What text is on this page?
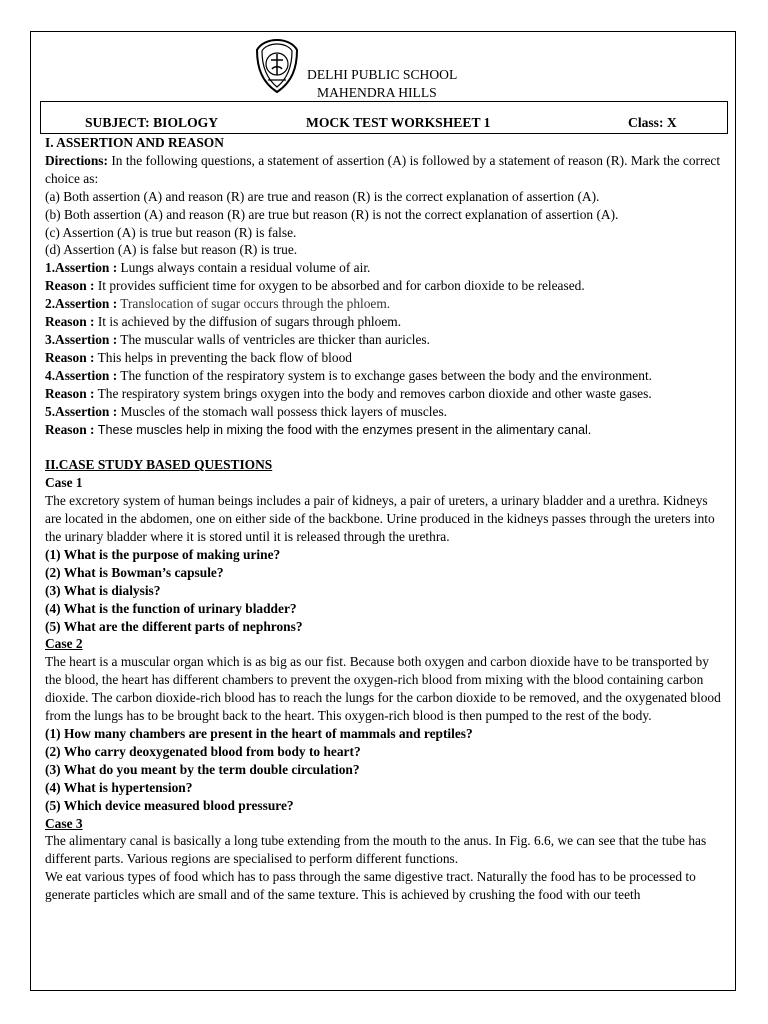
DELHI PUBLIC SCHOOL
MAHENDRA HILLS
SUBJECT: BIOLOGY	MOCK TEST WORKSHEET 1	Class: X

I. ASSERTION AND REASON

Directions: In the following questions, a statement of assertion (A) is followed by a statement of reason (R). Mark the correct choice as:

(a) Both assertion (A) and reason (R) are true and reason (R) is the correct explanation of assertion (A).

(b) Both assertion (A) and reason (R) are true but reason (R) is not the correct explanation of assertion (A).

(c) Assertion (A) is true but reason (R) is false.

(d) Assertion (A) is false but reason (R) is true.

1.Assertion : Lungs always contain a residual volume of air.

Reason : It provides sufficient time for oxygen to be absorbed and for carbon dioxide to be released.

2.Assertion : Translocation of sugar occurs through the phloem.

Reason : It is achieved by the diffusion of sugars through phloem.

3.Assertion : The muscular walls of ventricles are thicker than auricles.

Reason : This helps in preventing the back flow of blood

4.Assertion : The function of the respiratory system is to exchange gases between the body and the environment.

Reason : The respiratory system brings oxygen into the body and removes carbon dioxide and other waste gases.

5.Assertion : Muscles of the stomach wall possess thick layers of muscles.

Reason : These muscles help in mixing the food with the enzymes present in the alimentary canal.

II.CASE STUDY BASED QUESTIONS

Case 1

The excretory system of human beings includes a pair of kidneys, a pair of ureters, a urinary bladder and a urethra. Kidneys are located in the abdomen, one on either side of the backbone. Urine produced in the kidneys passes through the ureters into the urinary bladder where it is stored until it is released through the urethra.

(1) What is the purpose of making urine?

(2) What is Bowman’s capsule?

(3) What is dialysis?

(4) What is the function of urinary bladder?

(5) What are the different parts of nephrons?

Case 2

The heart is a muscular organ which is as big as our fist. Because both oxygen and carbon dioxide have to be transported by the blood, the heart has different chambers to prevent the oxygen-rich blood from mixing with the blood containing carbon dioxide. The carbon dioxide-rich blood has to reach the lungs for the carbon dioxide to be removed, and the oxygenated blood from the lungs has to be brought back to the heart. This oxygen-rich blood is then pumped to the rest of the body.

(1) How many chambers are present in the heart of mammals and reptiles?

(2) Who carry deoxygenated blood from body to heart?

(3) What do you meant by the term double circulation?

(4) What is hypertension?

(5) Which device measured blood pressure?

Case 3

The alimentary canal is basically a long tube extending from the mouth to the anus. In Fig. 6.6, we can see that the tube has different parts. Various regions are specialised to perform different functions.

We eat various types of food which has to pass through the same digestive tract. Naturally the food has to be processed to generate particles which are small and of the same texture. This is achieved by crushing the food with our teeth
